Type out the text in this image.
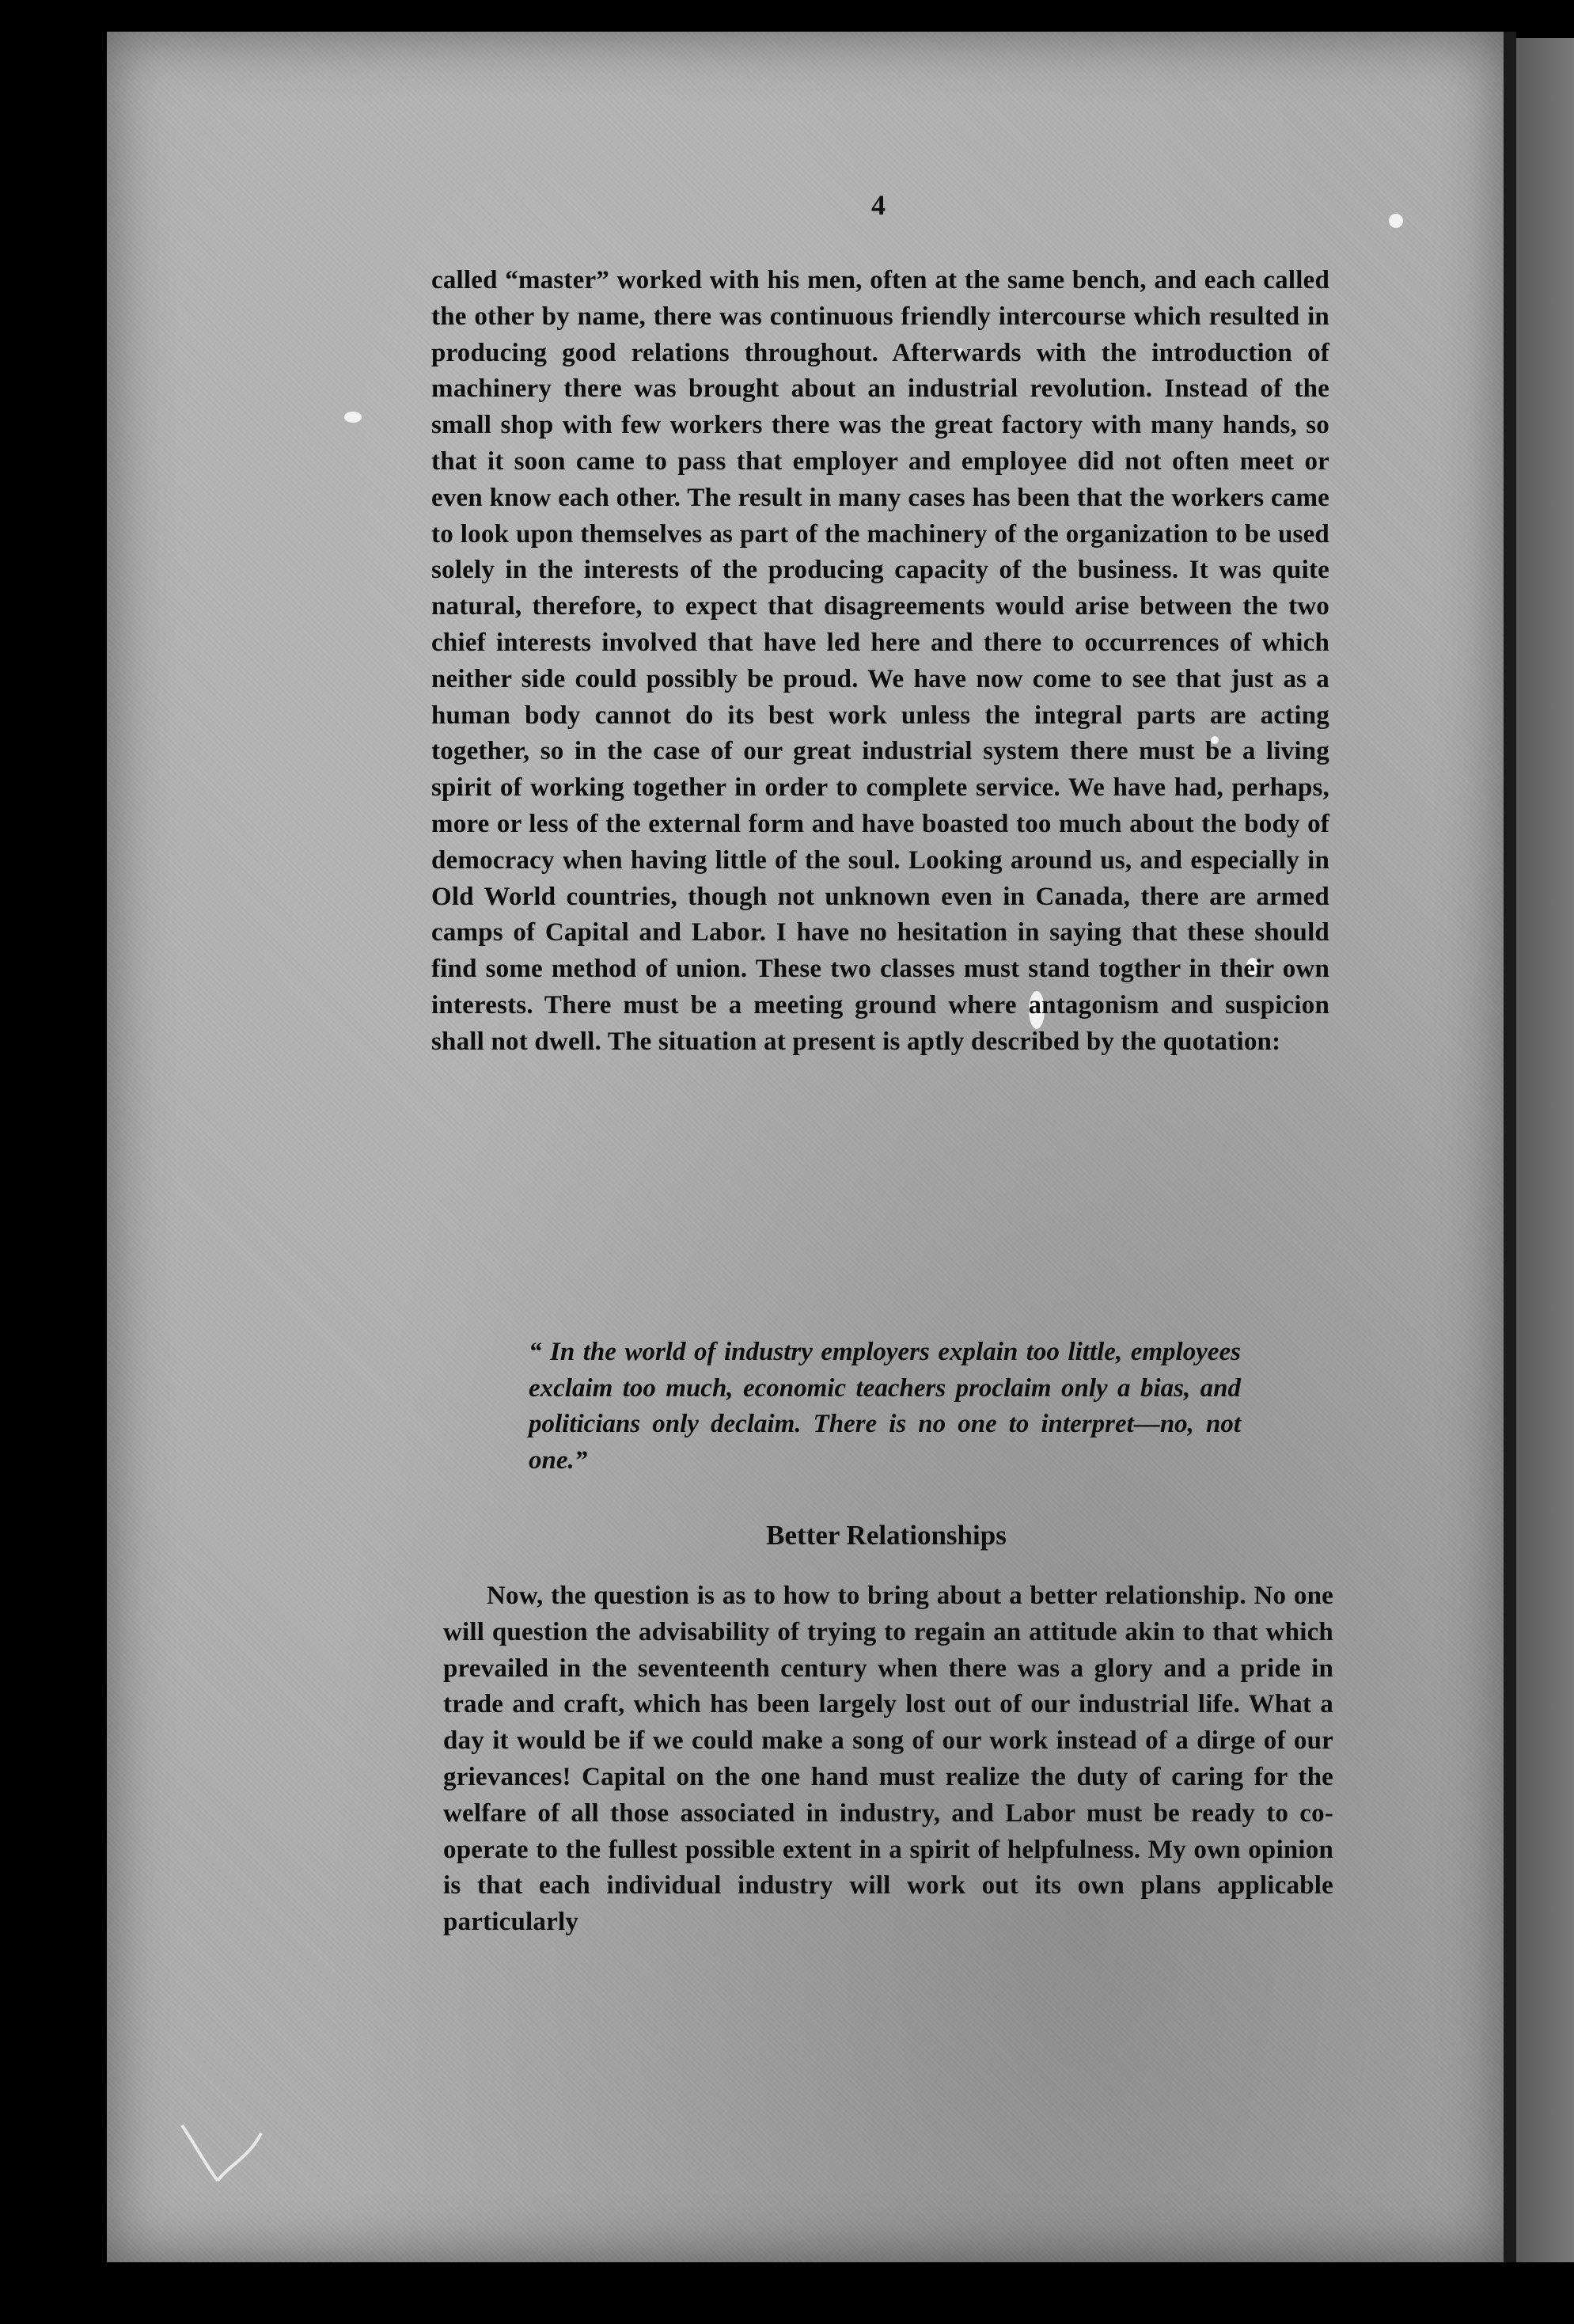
4
called “master” worked with his men, often at the same bench, and each called the other by name, there was continuous friendly intercourse which resulted in producing good relations throughout. Afterwards with the introduction of machinery there was brought about an industrial revolution. Instead of the small shop with few workers there was the great factory with many hands, so that it soon came to pass that employer and employee did not often meet or even know each other. The result in many cases has been that the workers came to look upon themselves as part of the machinery of the organization to be used solely in the interests of the producing capacity of the business. It was quite natural, therefore, to expect that disagreements would arise between the two chief interests involved that have led here and there to occurrences of which neither side could possibly be proud. We have now come to see that just as a human body cannot do its best work unless the integral parts are acting together, so in the case of our great industrial system there must be a living spirit of working together in order to complete service. We have had, perhaps, more or less of the external form and have boasted too much about the body of democracy when having little of the soul. Looking around us, and especially in Old World countries, though not unknown even in Canada, there are armed camps of Capital and Labor. I have no hesitation in saying that these should find some method of union. These two classes must stand togther in their own interests. There must be a meeting ground where antagonism and suspicion shall not dwell. The situation at present is aptly described by the quotation:
“ In the world of industry employers explain too little, employees exclaim too much, economic teachers proclaim only a bias, and politicians only declaim. There is no one to interpret—no, not one.”
Better Relationships
Now, the question is as to how to bring about a better relationship. No one will question the advisability of trying to regain an attitude akin to that which prevailed in the seventeenth century when there was a glory and a pride in trade and craft, which has been largely lost out of our industrial life. What a day it would be if we could make a song of our work instead of a dirge of our grievances! Capital on the one hand must realize the duty of caring for the welfare of all those associated in industry, and Labor must be ready to co-operate to the fullest possible extent in a spirit of helpfulness. My own opinion is that each individual industry will work out its own plans applicable particularly
